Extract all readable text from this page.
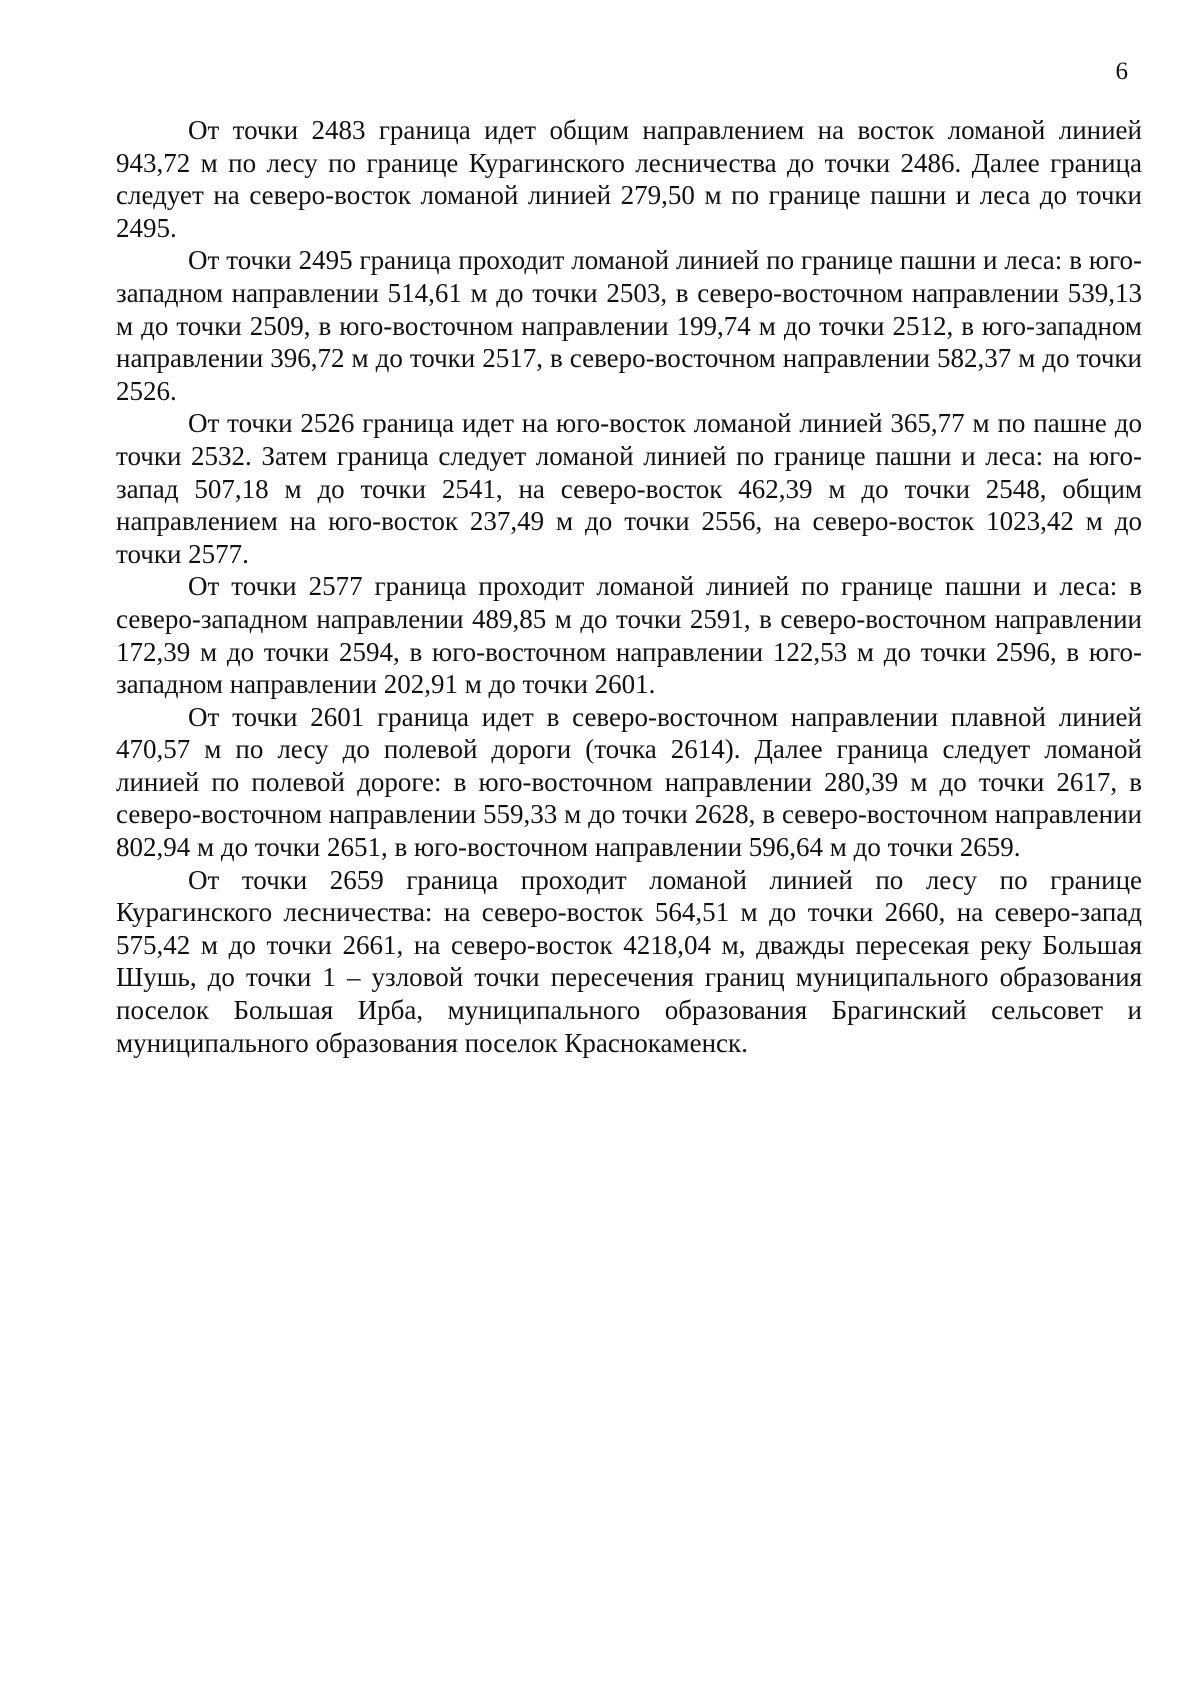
6

От точки 2483 граница идет общим направлением на восток ломаной линией 943,72 м по лесу по границе Курагинского лесничества до точки 2486. Далее граница следует на северо-восток ломаной линией 279,50 м по границе пашни и леса до точки 2495.

От точки 2495 граница проходит ломаной линией по границе пашни и леса: в юго-западном направлении 514,61 м до точки 2503, в северо-восточном направлении 539,13 м до точки 2509, в юго-восточном направлении 199,74 м до точки 2512, в юго-западном направлении 396,72 м до точки 2517, в северо-восточном направлении 582,37 м до точки 2526.

От точки 2526 граница идет на юго-восток ломаной линией 365,77 м по пашне до точки 2532. Затем граница следует ломаной линией по границе пашни и леса: на юго-запад 507,18 м до точки 2541, на северо-восток 462,39 м до точки 2548, общим направлением на юго-восток 237,49 м до точки 2556, на северо-восток 1023,42 м до точки 2577.

От точки 2577 граница проходит ломаной линией по границе пашни и леса: в северо-западном направлении 489,85 м до точки 2591, в северо-восточном направлении 172,39 м до точки 2594, в юго-восточном направлении 122,53 м до точки 2596, в юго-западном направлении 202,91 м до точки 2601.

От точки 2601 граница идет в северо-восточном направлении плавной линией 470,57 м по лесу до полевой дороги (точка 2614). Далее граница следует ломаной линией по полевой дороге: в юго-восточном направлении 280,39 м до точки 2617, в северо-восточном направлении 559,33 м до точки 2628, в северо-восточном направлении 802,94 м до точки 2651, в юго-восточном направлении 596,64 м до точки 2659.

От точки 2659 граница проходит ломаной линией по лесу по границе Курагинского лесничества: на северо-восток 564,51 м до точки 2660, на северо-запад 575,42 м до точки 2661, на северо-восток 4218,04 м, дважды пересекая реку Большая Шушь, до точки 1 – узловой точки пересечения границ муниципального образования поселок Большая Ирба, муниципального образования Брагинский сельсовет и муниципального образования поселок Краснокаменск.
